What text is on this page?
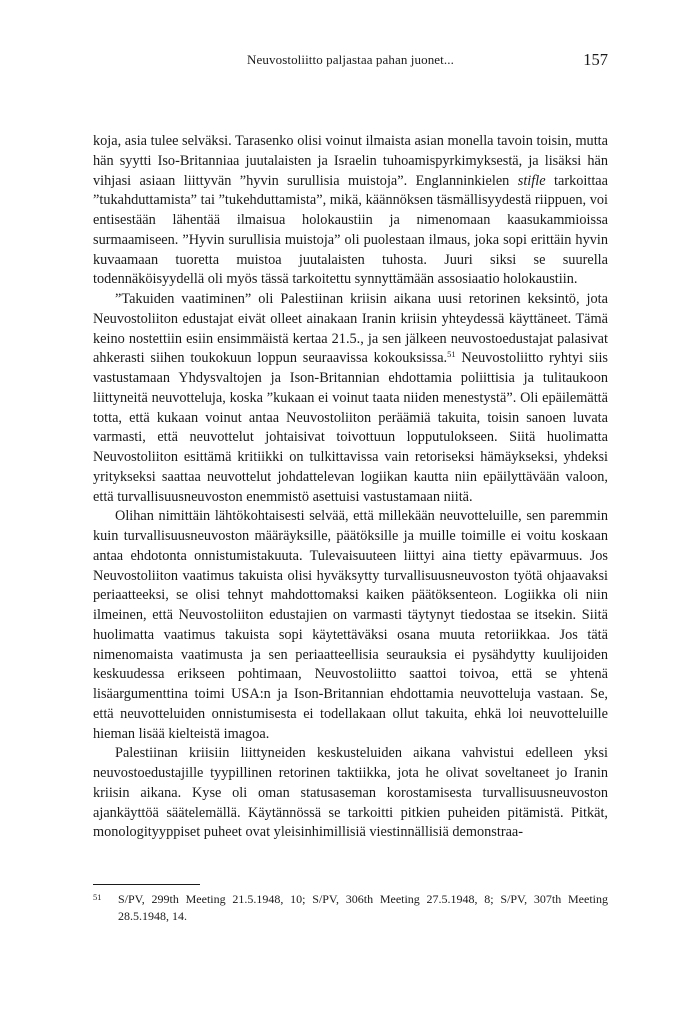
Neuvostoliitto paljastaa pahan juonet...	157

koja, asia tulee selväksi. Tarasenko olisi voinut ilmaista asian monella tavoin toisin, mutta hän syytti Iso-Britanniaa juutalaisten ja Israelin tuhoamispyrkimyksestä, ja lisäksi hän vihjasi asiaan liittyvän ”hyvin surullisia muistoja”. Englanninkielen stifle tarkoittaa ”tukahduttamista” tai ”tukehduttamista”, mikä, käännöksen täsmällisyydestä riippuen, voi entisestään lähentää ilmaisua holokaustiin ja nimenomaan kaasukammioissa surmaamiseen. ”Hyvin surullisia muistoja” oli puolestaan ilmaus, joka sopi erittäin hyvin kuvaamaan tuoretta muistoa juutalaisten tuhosta. Juuri siksi se suurella todennäköisyydellä oli myös tässä tarkoitettu synnyttämään assosiaatio holokaustiin.

”Takuiden vaatiminen” oli Palestiinan kriisin aikana uusi retorinen keksintö, jota Neuvostoliiton edustajat eivät olleet ainakaan Iranin kriisin yhteydessä käyttäneet. Tämä keino nostettiin esiin ensimmäistä kertaa 21.5., ja sen jälkeen neuvostoedustajat palasivat ahkerasti siihen toukokuun loppun seuraavissa kokouksissa.$^{51}$ Neuvostoliitto ryhtyi siis vastustamaan Yhdysvaltojen ja Ison-Britannian ehdottamia poliittisia ja tulitaukoon liittyneitä neuvotteluja, koska ”kukaan ei voinut taata niiden menestystä”. Oli epäilemättä totta, että kukaan voinut antaa Neuvostoliiton peräämiä takuita, toisin sanoen luvata varmasti, että neuvottelut johtaisivat toivottuun lopputulokseen. Siitä huolimatta Neuvostoliiton esittämä kritiikki on tulkittavissa vain retoriseksi hämäykseksi, yhdeksi yritykseksi saattaa neuvottelut johdattelevan logiikan kautta niin epäilyttävään valoon, että turvallisuusneuvoston enemmistö asettuisi vastustamaan niitä.

Olihan nimittäin lähtökohtaisesti selvää, että millekään neuvotteluille, sen paremmin kuin turvallisuusneuvoston määräyksille, päätöksille ja muille toimille ei voitu koskaan antaa ehdotonta onnistumistakuuta. Tulevaisuuteen liittyi aina tietty epävarmuus. Jos Neuvostoliiton vaatimus takuista olisi hyväksytty turvallisuusneuvoston työtä ohjaavaksi periaatteeksi, se olisi tehnyt mahdottomaksi kaiken päätöksenteon. Logiikka oli niin ilmeinen, että Neuvostoliiton edustajien on varmasti täytynyt tiedostaa se itsekin. Siitä huolimatta vaatimus takuista sopi käytettäväksi osana muuta retoriikkaa. Jos tätä nimenomaista vaatimusta ja sen periaatteellisia seurauksia ei pysähdytty kuulijoiden keskuudessa erikseen pohtimaan, Neuvostoliitto saattoi toivoa, että se yhtenä lisäargumenttina toimi USA:n ja Ison-Britannian ehdottamia neuvotteluja vastaan. Se, että neuvotteluiden onnistumisesta ei todellakaan ollut takuita, ehkä loi neuvotteluille hieman lisää kielteistä imagoa.

Palestiinan kriisiin liittyneiden keskusteluiden aikana vahvistui edelleen yksi neuvostoedustajille tyypillinen retorinen taktiikka, jota he olivat soveltaneet jo Iranin kriisin aikana. Kyse oli oman statusaseman korostamisesta turvallisuusneuvoston ajankäyttöä säätelemällä. Käytännössä se tarkoitti pitkien puheiden pitämistä. Pitkät, monologityyppiset puheet ovat yleisinhimillisiä viestinnällisiä demonstraa-

51 S/PV, 299th Meeting 21.5.1948, 10; S/PV, 306th Meeting 27.5.1948, 8; S/PV, 307th Meeting 28.5.1948, 14.
